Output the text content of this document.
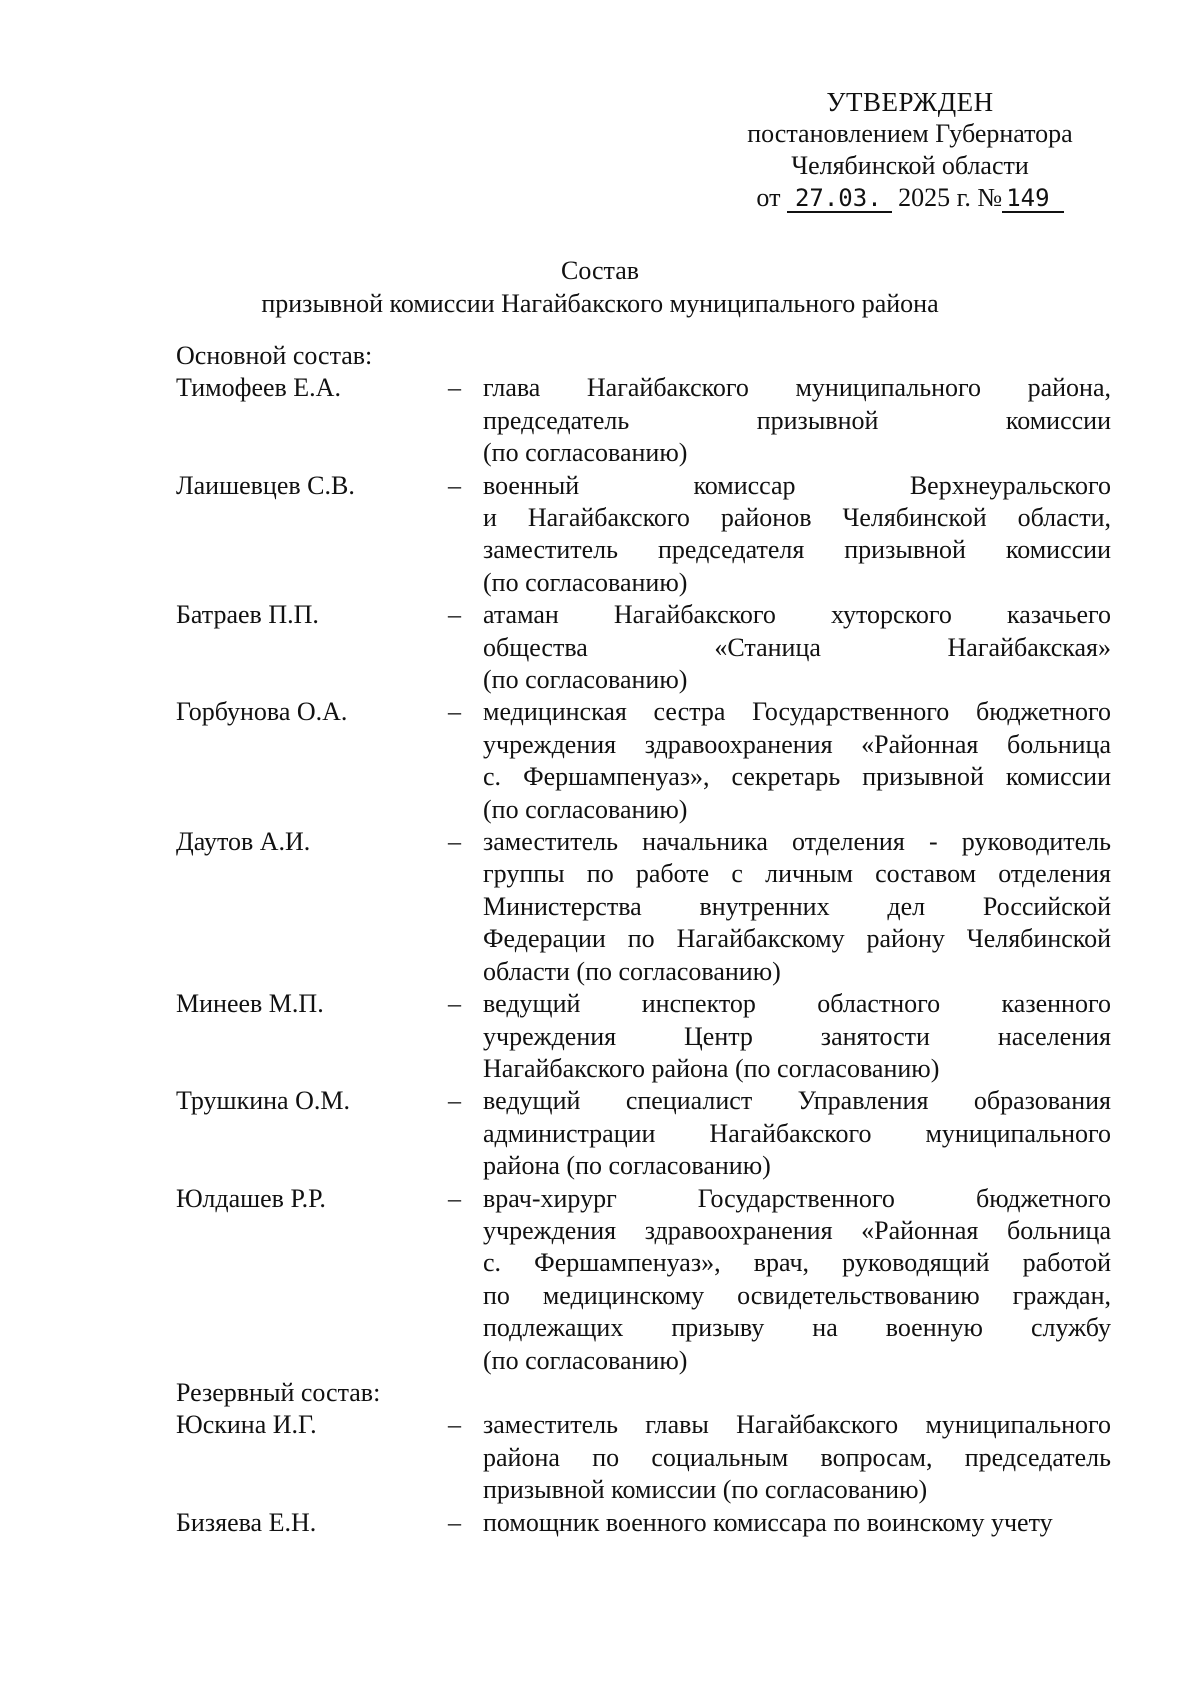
УТВЕРЖДЕН
постановлением Губернатора
Челябинской области
от 27.03. 2025 г. № 149
Состав
призывной комиссии Нагайбакского муниципального района
Основной состав:
Тимофеев Е.А.	– глава Нагайбакского муниципального района,
председатель призывной комиссии
(по согласованию)
Лаишевцев С.В.	– военный комиссар Верхнеуральского
и Нагайбакского районов Челябинской области,
заместитель председателя призывной комиссии
(по согласованию)
Батраев П.П.	– атаман Нагайбакского хуторского казачьего
общества «Станица Нагайбакская»
(по согласованию)
Горбунова О.А.	– медицинская сестра Государственного бюджетного
учреждения здравоохранения «Районная больница
с. Фершампенуаз», секретарь призывной комиссии
(по согласованию)
Даутов А.И.	– заместитель начальника отделения - руководитель
группы по работе с личным составом отделения
Министерства внутренних дел Российской
Федерации по Нагайбакскому району Челябинской
области (по согласованию)
Минеев М.П.	– ведущий инспектор областного казенного
учреждения Центр занятости населения
Нагайбакского района (по согласованию)
Трушкина О.М.	– ведущий специалист Управления образования
администрации Нагайбакского муниципального
района (по согласованию)
Юлдашев Р.Р.	– врач-хирург Государственного бюджетного
учреждения здравоохранения «Районная больница
с. Фершампенуаз», врач, руководящий работой
по медицинскому освидетельствованию граждан,
подлежащих призыву на военную службу
(по согласованию)
Резервный состав:
Юскина И.Г.	– заместитель главы Нагайбакского муниципального
района по социальным вопросам, председатель
призывной комиссии (по согласованию)
Бизяева Е.Н.	– помощник военного комиссара по воинскому учету
